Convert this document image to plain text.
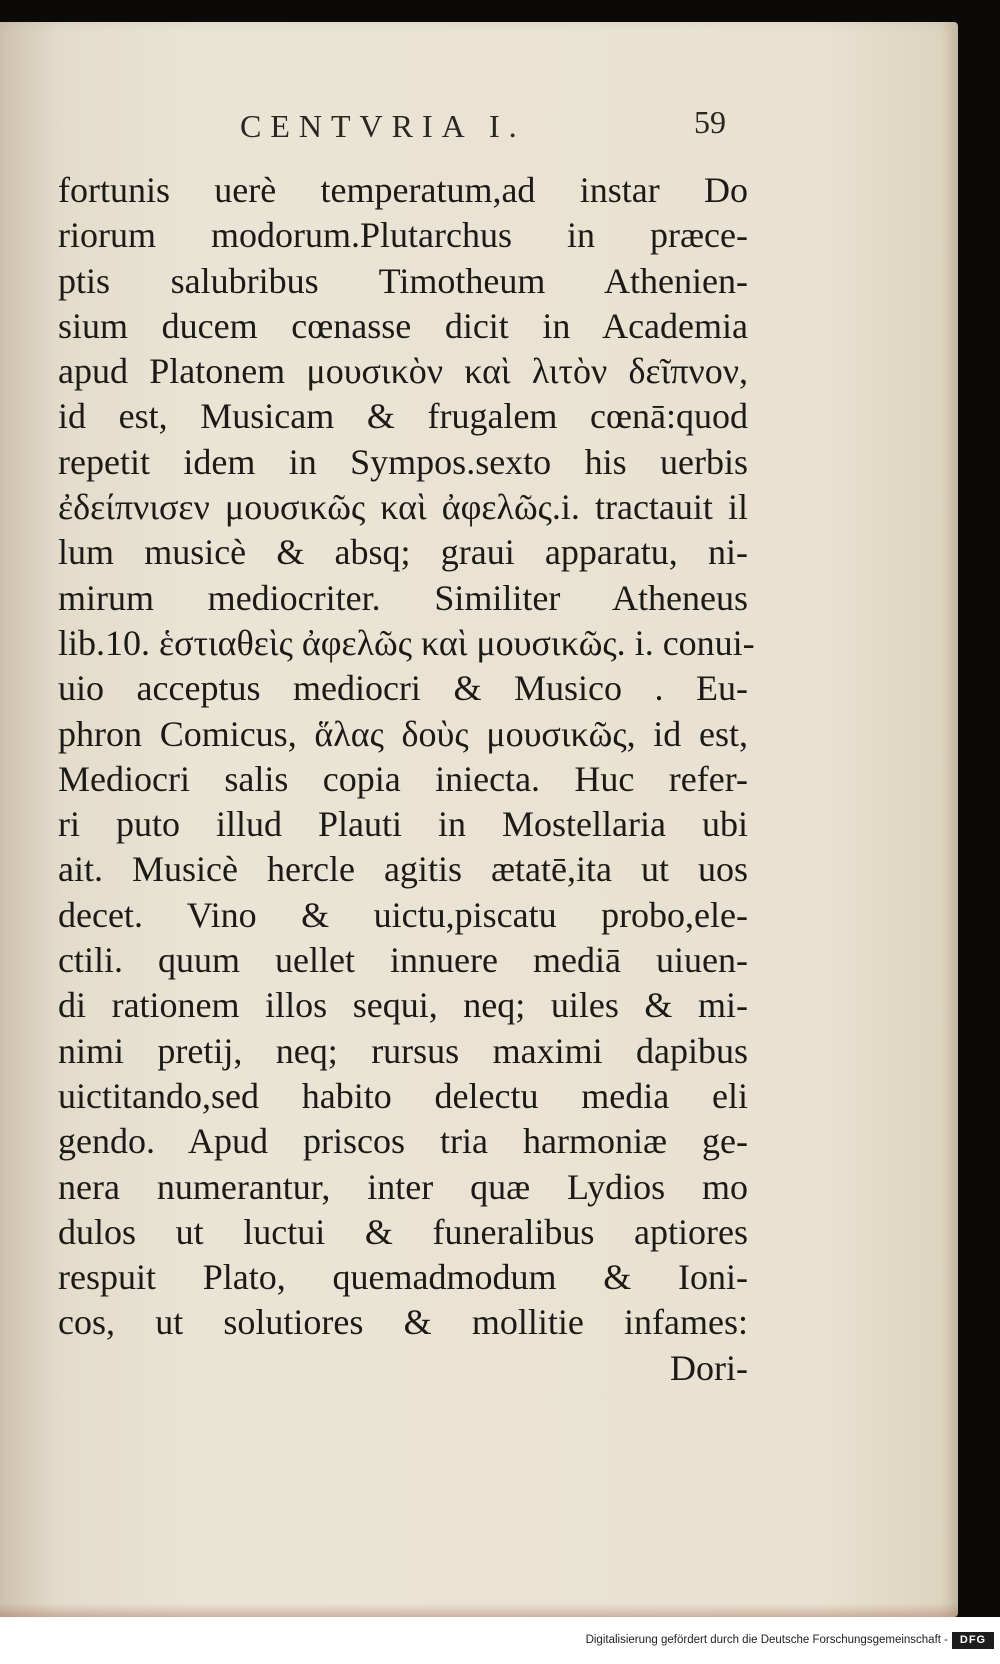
CENTVRIA I.	59
fortunis uerè temperatum,ad instar Do
riorum modorum.Plutarchus in præce-
ptis salubribus Timotheum Athenien-
sium ducem cœnasse dicit in Academia
apud Platonem μουσικὸν καὶ λιτὸν δεῖπνον,
id est, Musicam & frugalem cœnā:quod
repetit idem in Sympos.sexto his uerbis
ἐδείπνισεν μουσικῶς καὶ ἀφελῶς.i. tractauit il
lum musicè & absq; graui apparatu, ni-
mirum mediocriter. Similiter Atheneus
lib.10. ἑστιαθεὶς ἀφελῶς καὶ μουσικῶς. i. conui-
uio acceptus mediocri & Musico . Eu-
phron Comicus, ἅλας δοὺς μουσικῶς, id est,
Mediocri salis copia iniecta. Huc refer-
ri puto illud Plauti in Mostellaria ubi
ait. Musicè hercle agitis ætatē,ita ut uos
decet. Vino & uictu,piscatu probo,ele-
ctili. quum uellet innuere mediā uiuen-
di rationem illos sequi, neq; uiles & mi-
nimi pretij, neq; rursus maximi dapibus
uictitando,sed habito delectu media eli
gendo. Apud priscos tria harmoniæ ge-
nera numerantur, inter quæ Lydios mo
dulos ut luctui & funeralibus aptiores
respuit Plato, quemadmodum & Ioni-
cos, ut solutiores & mollitie infames:
Dori-
Digitalisierung gefördert durch die Deutsche Forschungsgemeinschaft -	DFG
